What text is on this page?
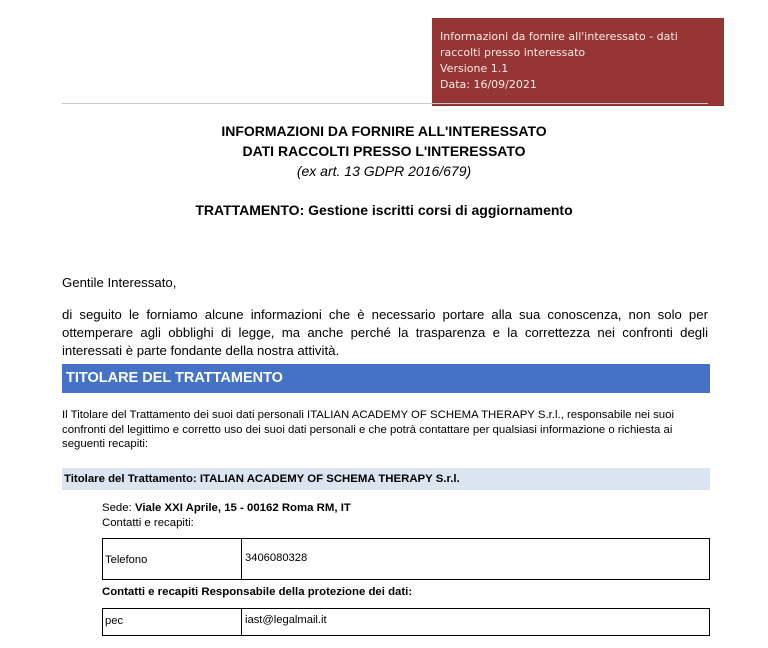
Informazioni da fornire all'interessato - dati
raccolti presso interessato
Versione 1.1
Data: 16/09/2021
INFORMAZIONI DA FORNIRE ALL'INTERESSATO
DATI RACCOLTI PRESSO L'INTERESSATO
(ex art. 13 GDPR 2016/679)
TRATTAMENTO: Gestione iscritti corsi di aggiornamento
Gentile Interessato,
di seguito le forniamo alcune informazioni che è necessario portare alla sua conoscenza, non solo per ottemperare agli obblighi di legge, ma anche perché la trasparenza e la correttezza nei confronti degli interessati è parte fondante della nostra attività.
TITOLARE DEL TRATTAMENTO
Il Titolare del Trattamento dei suoi dati personali ITALIAN ACADEMY OF SCHEMA THERAPY S.r.l., responsabile nei suoi confronti del legittimo e corretto uso dei suoi dati personali e che potrà contattare per qualsiasi informazione o richiesta ai seguenti recapiti:
Titolare del Trattamento: ITALIAN ACADEMY OF SCHEMA THERAPY S.r.l.
Sede: Viale XXI Aprile, 15 - 00162 Roma RM, IT
Contatti e recapiti:
Telefono	3406080328
Contatti e recapiti Responsabile della protezione dei dati:
pec	iast@legalmail.it
